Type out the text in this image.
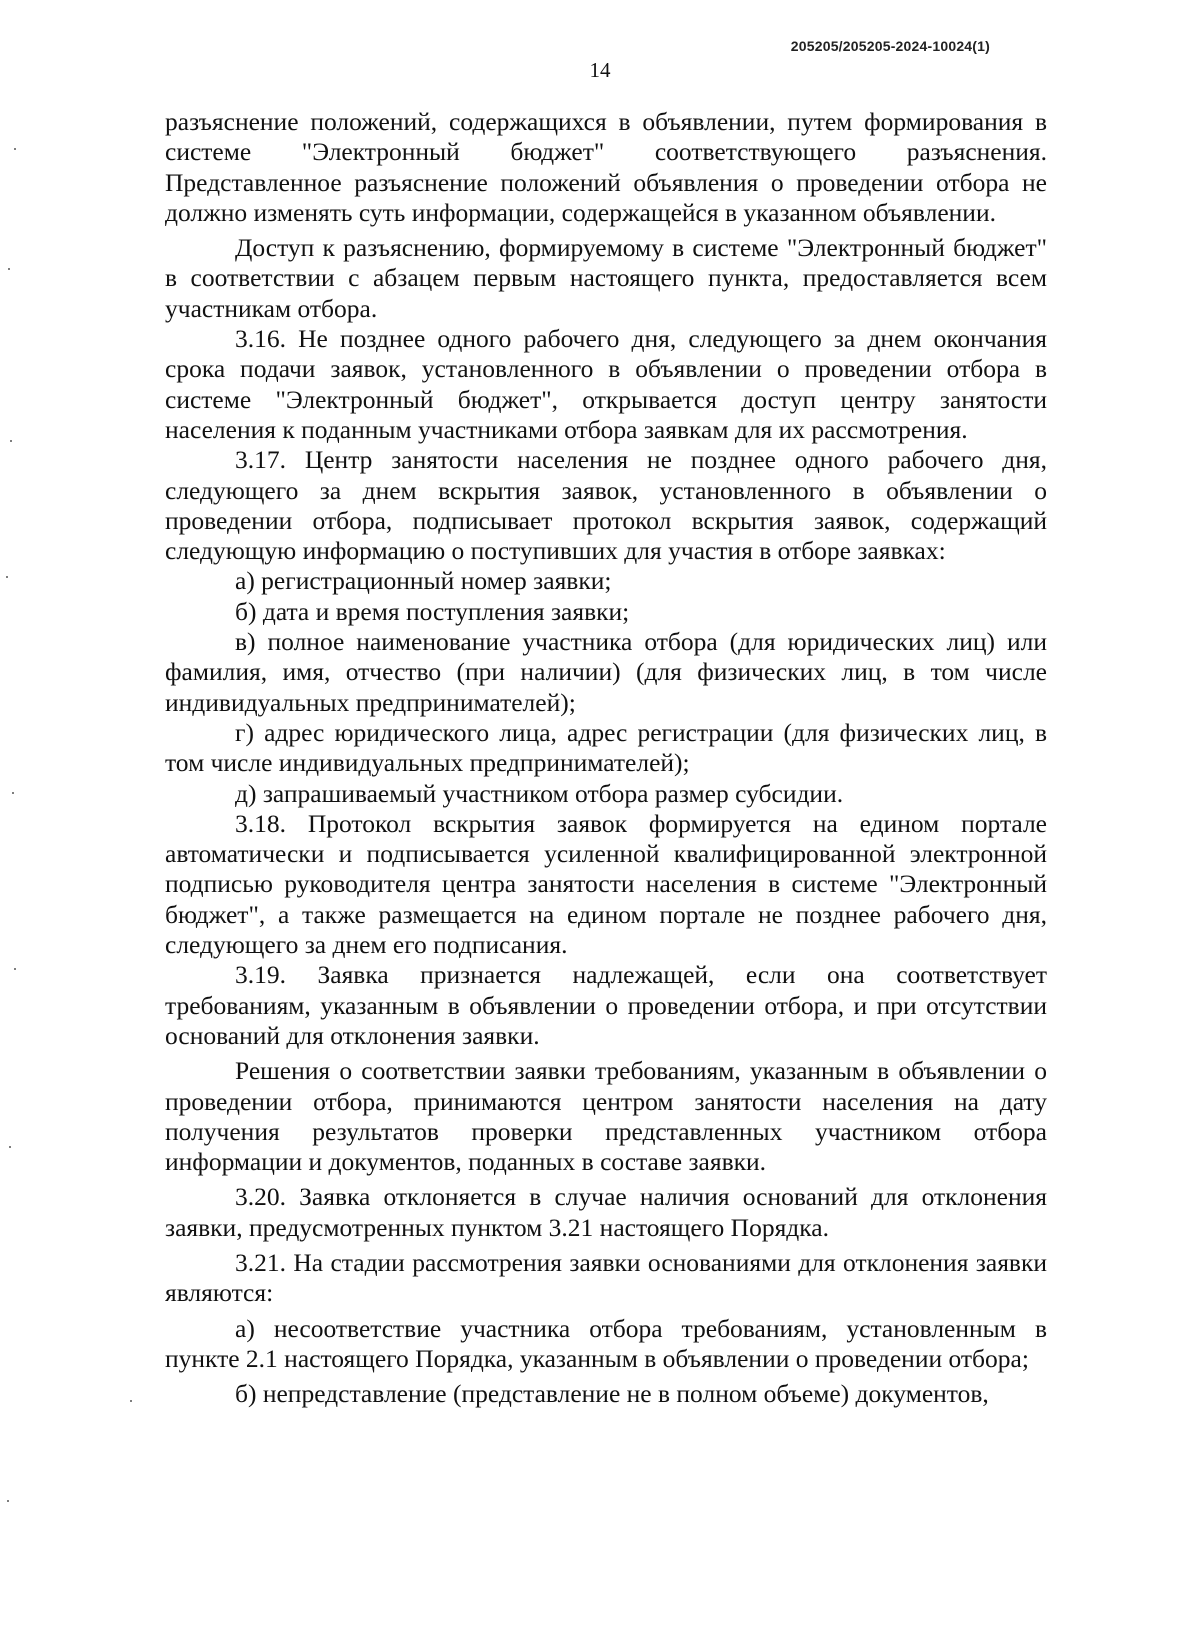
205205/205205-2024-10024(1)
14

разъяснение положений, содержащихся в объявлении, путем формирования в системе "Электронный бюджет" соответствующего разъяснения. Представленное разъяснение положений объявления о проведении отбора не должно изменять суть информации, содержащейся в указанном объявлении.

Доступ к разъяснению, формируемому в системе "Электронный бюджет" в соответствии с абзацем первым настоящего пункта, предоставляется всем участникам отбора.

3.16. Не позднее одного рабочего дня, следующего за днем окончания срока подачи заявок, установленного в объявлении о проведении отбора в системе "Электронный бюджет", открывается доступ центру занятости населения к поданным участниками отбора заявкам для их рассмотрения.

3.17. Центр занятости населения не позднее одного рабочего дня, следующего за днем вскрытия заявок, установленного в объявлении о проведении отбора, подписывает протокол вскрытия заявок, содержащий следующую информацию о поступивших для участия в отборе заявках:

а) регистрационный номер заявки;

б) дата и время поступления заявки;

в) полное наименование участника отбора (для юридических лиц) или фамилия, имя, отчество (при наличии) (для физических лиц, в том числе индивидуальных предпринимателей);

г) адрес юридического лица, адрес регистрации (для физических лиц, в том числе индивидуальных предпринимателей);

д) запрашиваемый участником отбора размер субсидии.

3.18. Протокол вскрытия заявок формируется на едином портале автоматически и подписывается усиленной квалифицированной электронной подписью руководителя центра занятости населения в системе "Электронный бюджет", а также размещается на едином портале не позднее рабочего дня, следующего за днем его подписания.

3.19. Заявка признается надлежащей, если она соответствует требованиям, указанным в объявлении о проведении отбора, и при отсутствии оснований для отклонения заявки.

Решения о соответствии заявки требованиям, указанным в объявлении о проведении отбора, принимаются центром занятости населения на дату получения результатов проверки представленных участником отбора информации и документов, поданных в составе заявки.

3.20. Заявка отклоняется в случае наличия оснований для отклонения заявки, предусмотренных пунктом 3.21 настоящего Порядка.

3.21. На стадии рассмотрения заявки основаниями для отклонения заявки являются:

а) несоответствие участника отбора требованиям, установленным в пункте 2.1 настоящего Порядка, указанным в объявлении о проведении отбора;

б) непредставление (представление не в полном объеме) документов,
